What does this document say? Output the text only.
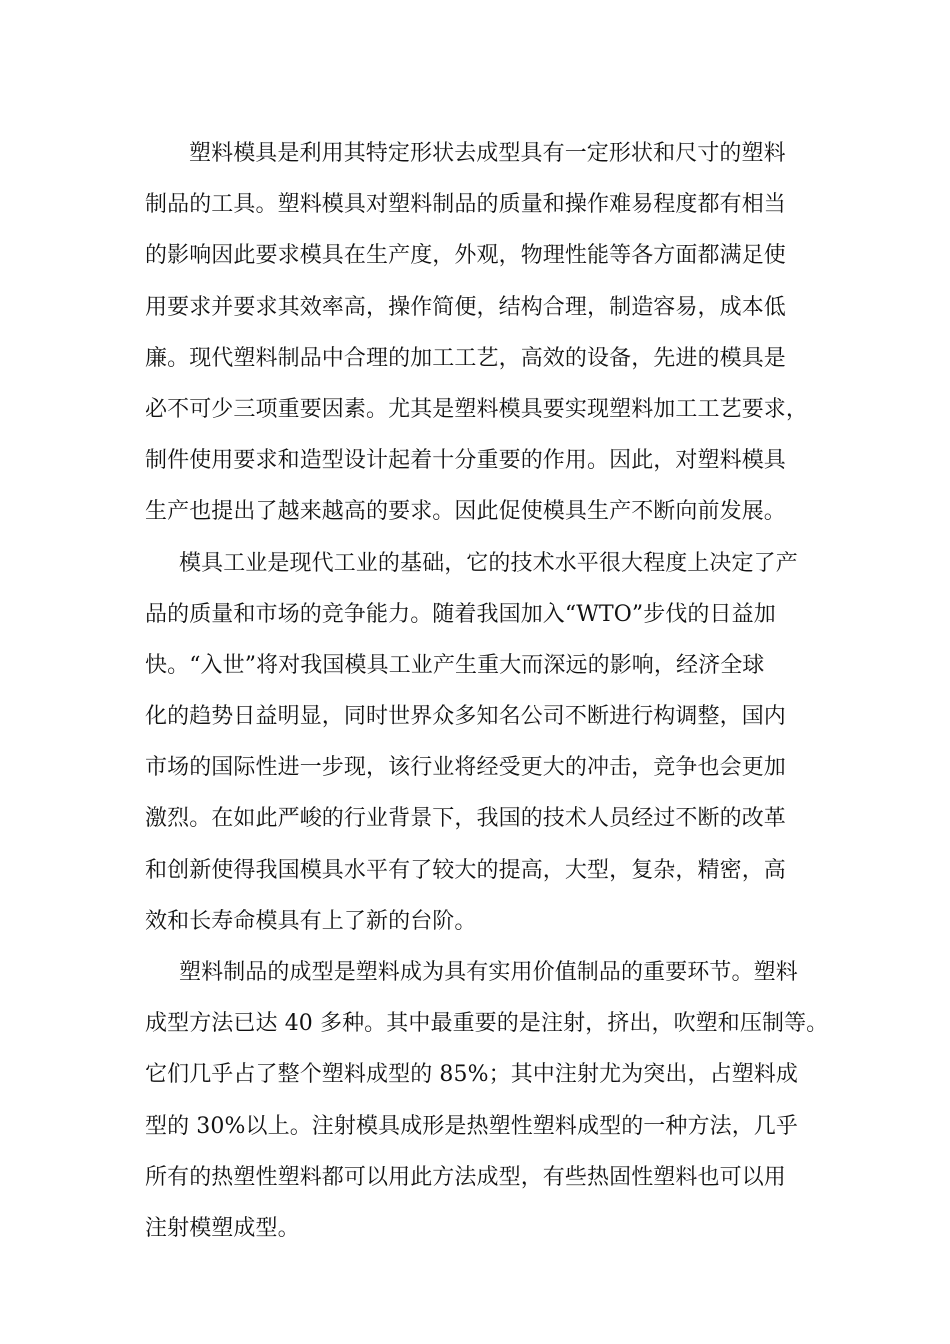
塑料模具是利用其特定形状去成型具有一定形状和尺寸的塑料
制品的工具。塑料模具对塑料制品的质量和操作难易程度都有相当
的影响因此要求模具在生产度，外观，物理性能等各方面都满足使
用要求并要求其效率高，操作简便，结构合理，制造容易，成本低
廉。现代塑料制品中合理的加工工艺，高效的设备，先进的模具是
必不可少三项重要因素。尤其是塑料模具要实现塑料加工工艺要求，
制件使用要求和造型设计起着十分重要的作用。因此，对塑料模具
生产也提出了越来越高的要求。因此促使模具生产不断向前发展。
模具工业是现代工业的基础，它的技术水平很大程度上决定了产
品的质量和市场的竞争能力。随着我国加入“WTO”步伐的日益加
快。“入世”将对我国模具工业产生重大而深远的影响，经济全球
化的趋势日益明显，同时世界众多知名公司不断进行构调整，国内
市场的国际性进一步现，该行业将经受更大的冲击，竞争也会更加
激烈。在如此严峻的行业背景下，我国的技术人员经过不断的改革
和创新使得我国模具水平有了较大的提高，大型，复杂，精密，高
效和长寿命模具有上了新的台阶。
塑料制品的成型是塑料成为具有实用价值制品的重要环节。塑料
成型方法已达 40 多种。其中最重要的是注射，挤出，吹塑和压制等。
它们几乎占了整个塑料成型的 85%；其中注射尤为突出，占塑料成
型的 30%以上。注射模具成形是热塑性塑料成型的一种方法，几乎
所有的热塑性塑料都可以用此方法成型，有些热固性塑料也可以用
注射模塑成型。
